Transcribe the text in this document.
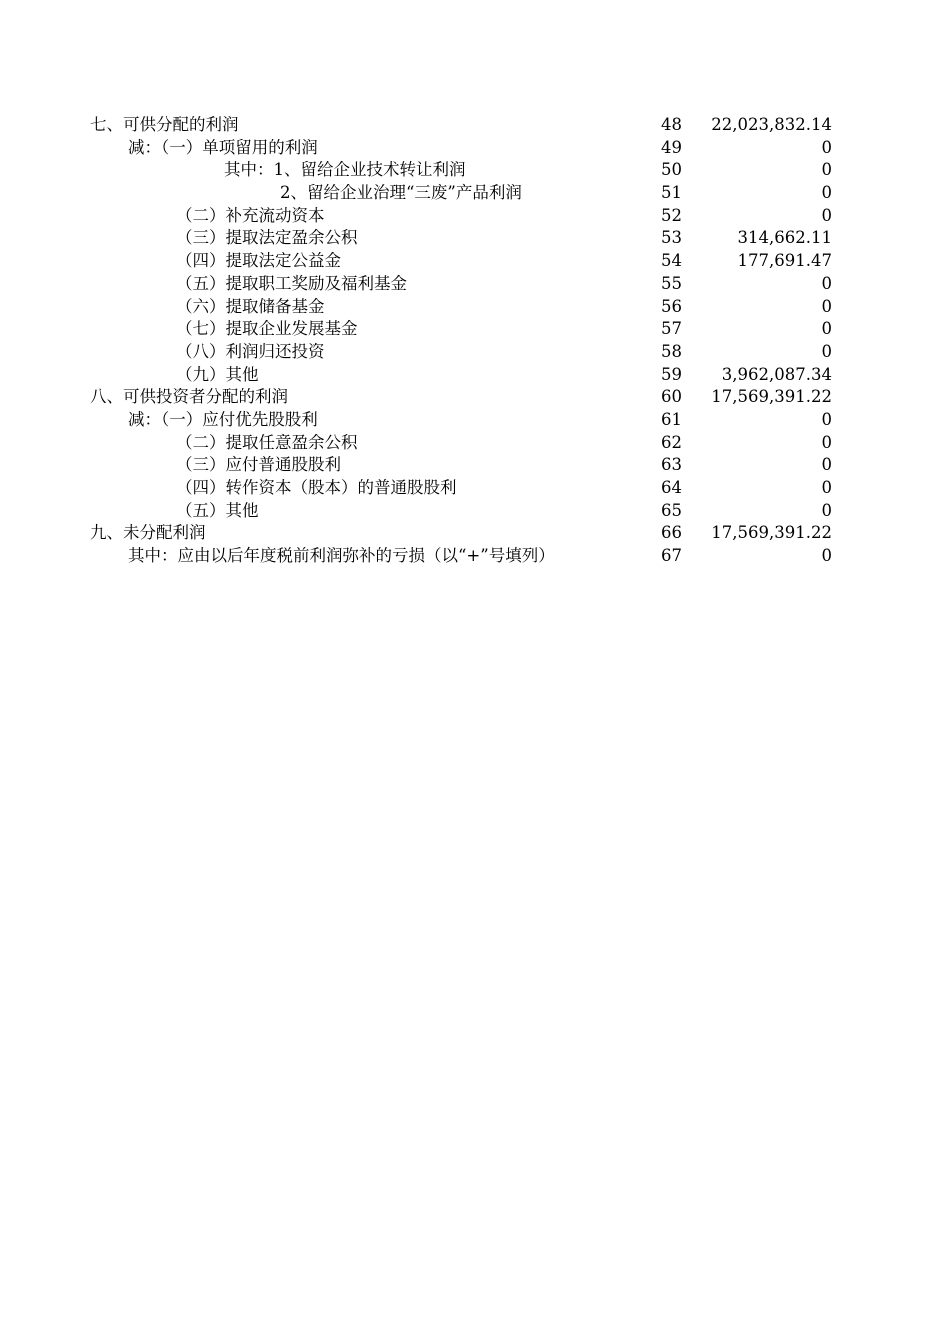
七、可供分配的利润	48	22,023,832.14
减：（一）单项留用的利润	49	0
其中：1、留给企业技术转让利润	50	0
2、留给企业治理“三废”产品利润	51	0
（二）补充流动资本	52	0
（三）提取法定盈余公积	53	314,662.11
（四）提取法定公益金	54	177,691.47
（五）提取职工奖励及福利基金	55	0
（六）提取储备基金	56	0
（七）提取企业发展基金	57	0
（八）利润归还投资	58	0
（九）其他	59	3,962,087.34
八、可供投资者分配的利润	60	17,569,391.22
减：（一）应付优先股股利	61	0
（二）提取任意盈余公积	62	0
（三）应付普通股股利	63	0
（四）转作资本（股本）的普通股股利	64	0
（五）其他	65	0
九、未分配利润	66	17,569,391.22
其中：应由以后年度税前利润弥补的亏损（以“+”号填列）	67	0
